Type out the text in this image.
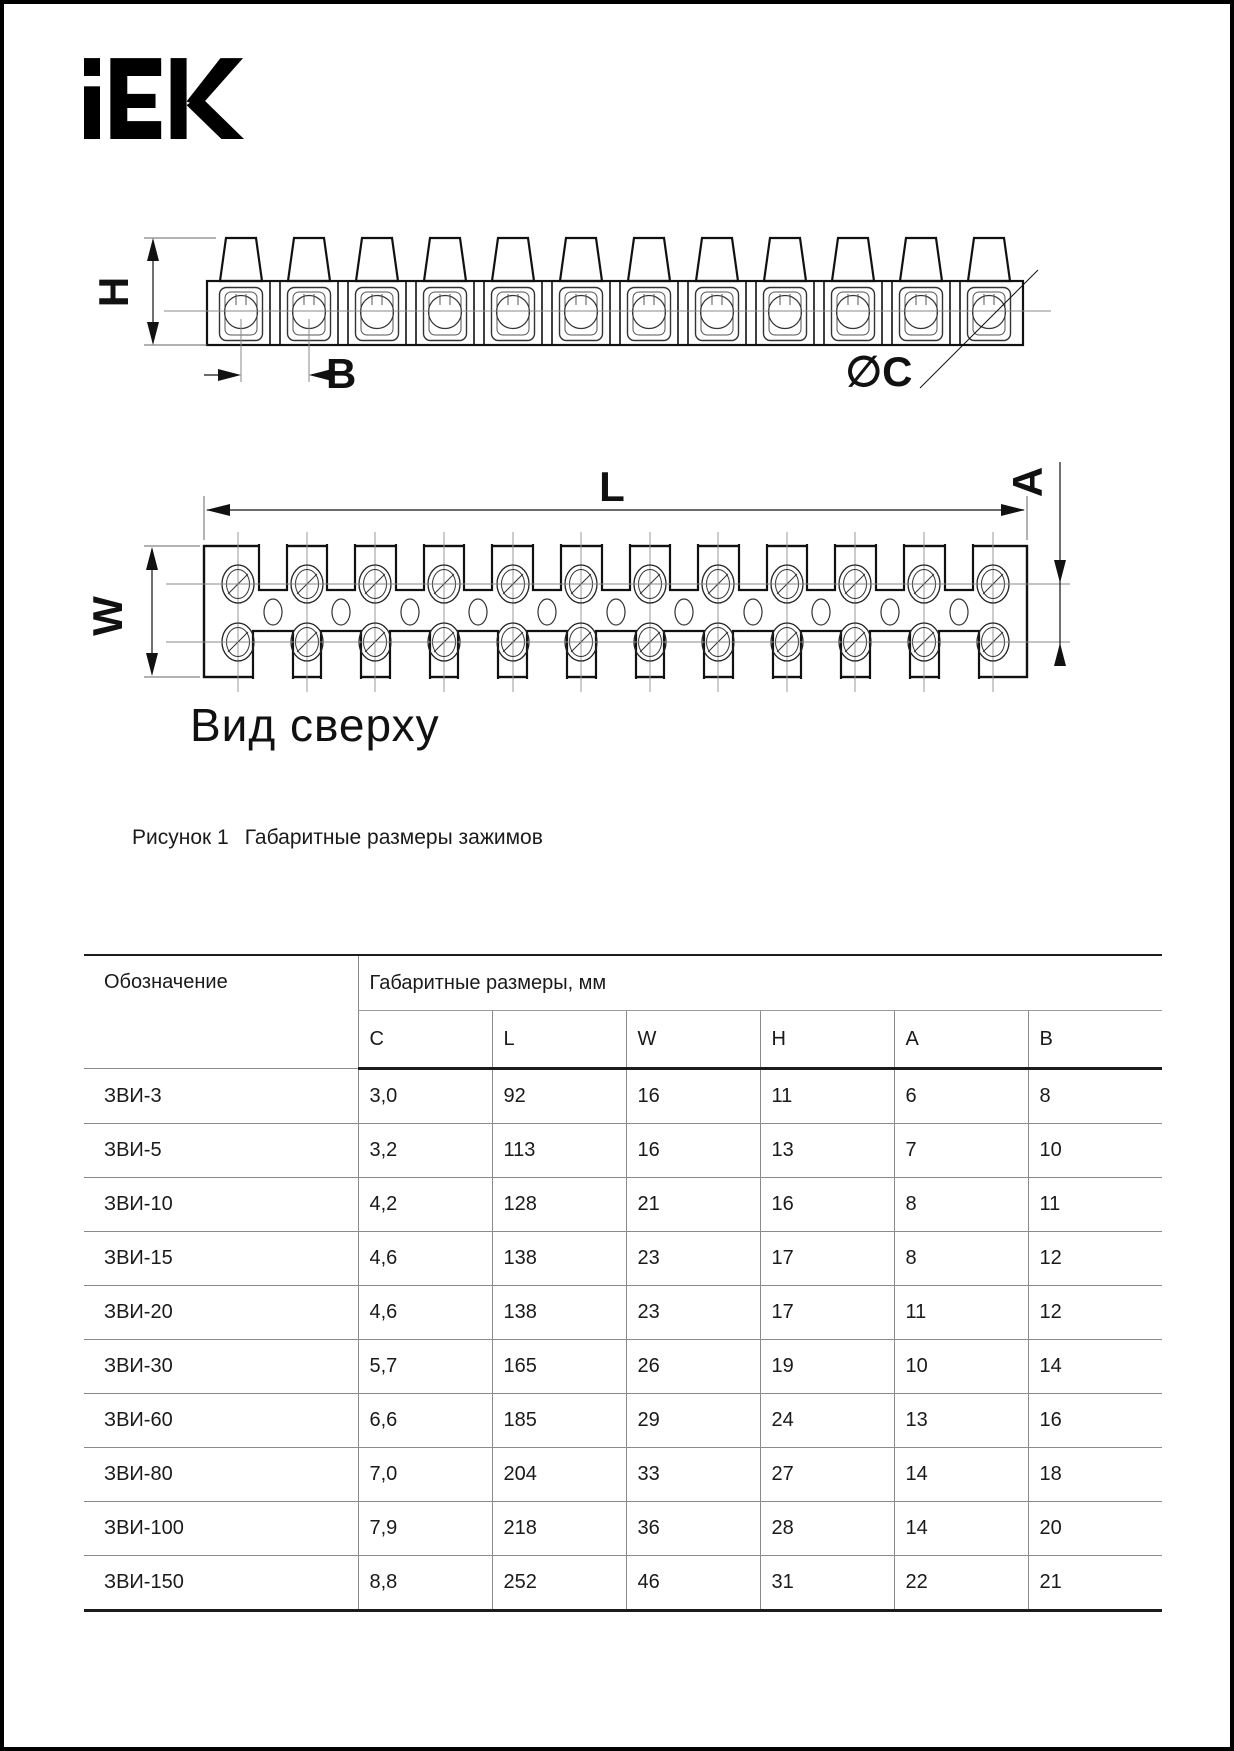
H
B	∅C
L
W
A
Вид сверху
Рисунок 1 Габаритные размеры зажимов
Обозначение	Габаритные размеры, мм					
	C	L	W	H	A	B
ЗВИ-3	3,0	92	16	11	6	8
ЗВИ-5	3,2	113	16	13	7	10
ЗВИ-10	4,2	128	21	16	8	11
ЗВИ-15	4,6	138	23	17	8	12
ЗВИ-20	4,6	138	23	17	11	12
ЗВИ-30	5,7	165	26	19	10	14
ЗВИ-60	6,6	185	29	24	13	16
ЗВИ-80	7,0	204	33	27	14	18
ЗВИ-100	7,9	218	36	28	14	20
ЗВИ-150	8,8	252	46	31	22	21
